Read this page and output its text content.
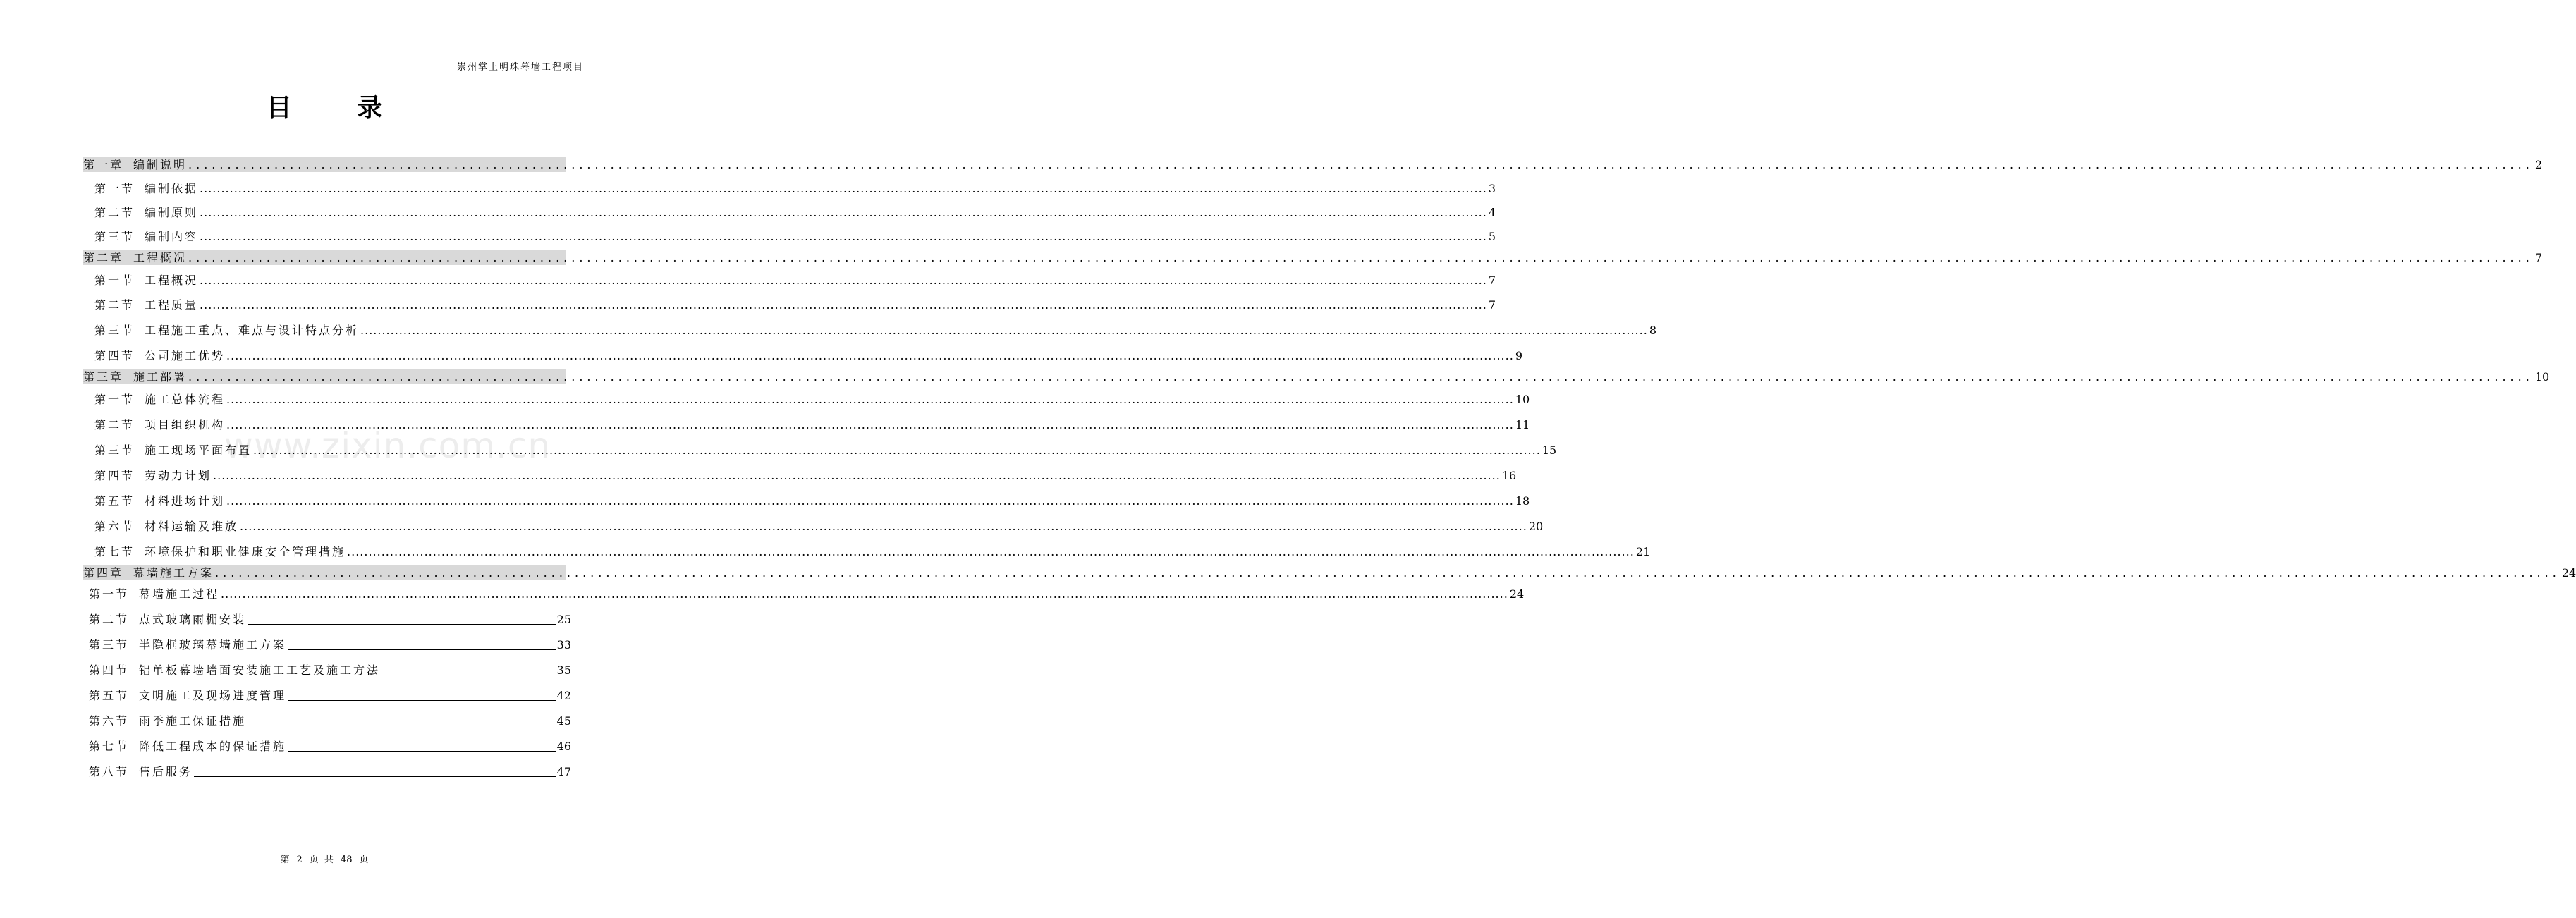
崇州掌上明珠幕墙工程项目
目 录
www.zixin.com.cn
第一章 编制说明 ............................................................................................................................................................................................................................................................................................................ 2
第一节 编制依据 ............................................................................................................................................................................................................................................................................................................ 3
第二节 编制原则 ............................................................................................................................................................................................................................................................................................................ 4
第三节 编制内容 ............................................................................................................................................................................................................................................................................................................ 5
第二章 工程概况 ............................................................................................................................................................................................................................................................................................................ 7
第一节 工程概况 ............................................................................................................................................................................................................................................................................................................ 7
第二节 工程质量 ............................................................................................................................................................................................................................................................................................................ 7
第三节 工程施工重点、难点与设计特点分析 ............................................................................................................................................................................................................................................................................................................ 8
第四节 公司施工优势 ............................................................................................................................................................................................................................................................................................................ 9
第三章 施工部署 ............................................................................................................................................................................................................................................................................................................ 10
第一节 施工总体流程 ............................................................................................................................................................................................................................................................................................................ 10
第二节 项目组织机构 ............................................................................................................................................................................................................................................................................................................ 11
第三节 施工现场平面布置 ............................................................................................................................................................................................................................................................................................................ 15
第四节 劳动力计划 ............................................................................................................................................................................................................................................................................................................ 16
第五节 材料进场计划 ............................................................................................................................................................................................................................................................................................................ 18
第六节 材料运输及堆放 ............................................................................................................................................................................................................................................................................................................ 20
第七节 环境保护和职业健康安全管理措施 ............................................................................................................................................................................................................................................................................................................ 21
第四章 幕墙施工方案 ............................................................................................................................................................................................................................................................................................................ 24
第一节 幕墙施工过程 ............................................................................................................................................................................................................................................................................................................ 24
第二节 点式玻璃雨棚安装	25
第三节 半隐框玻璃幕墙施工方案	33
第四节 铝单板幕墙墙面安装施工工艺及施工方法	35
第五节 文明施工及现场进度管理	42
第六节 雨季施工保证措施	45
第七节 降低工程成本的保证措施	46
第八节 售后服务	47
第 2 页 共 48 页
